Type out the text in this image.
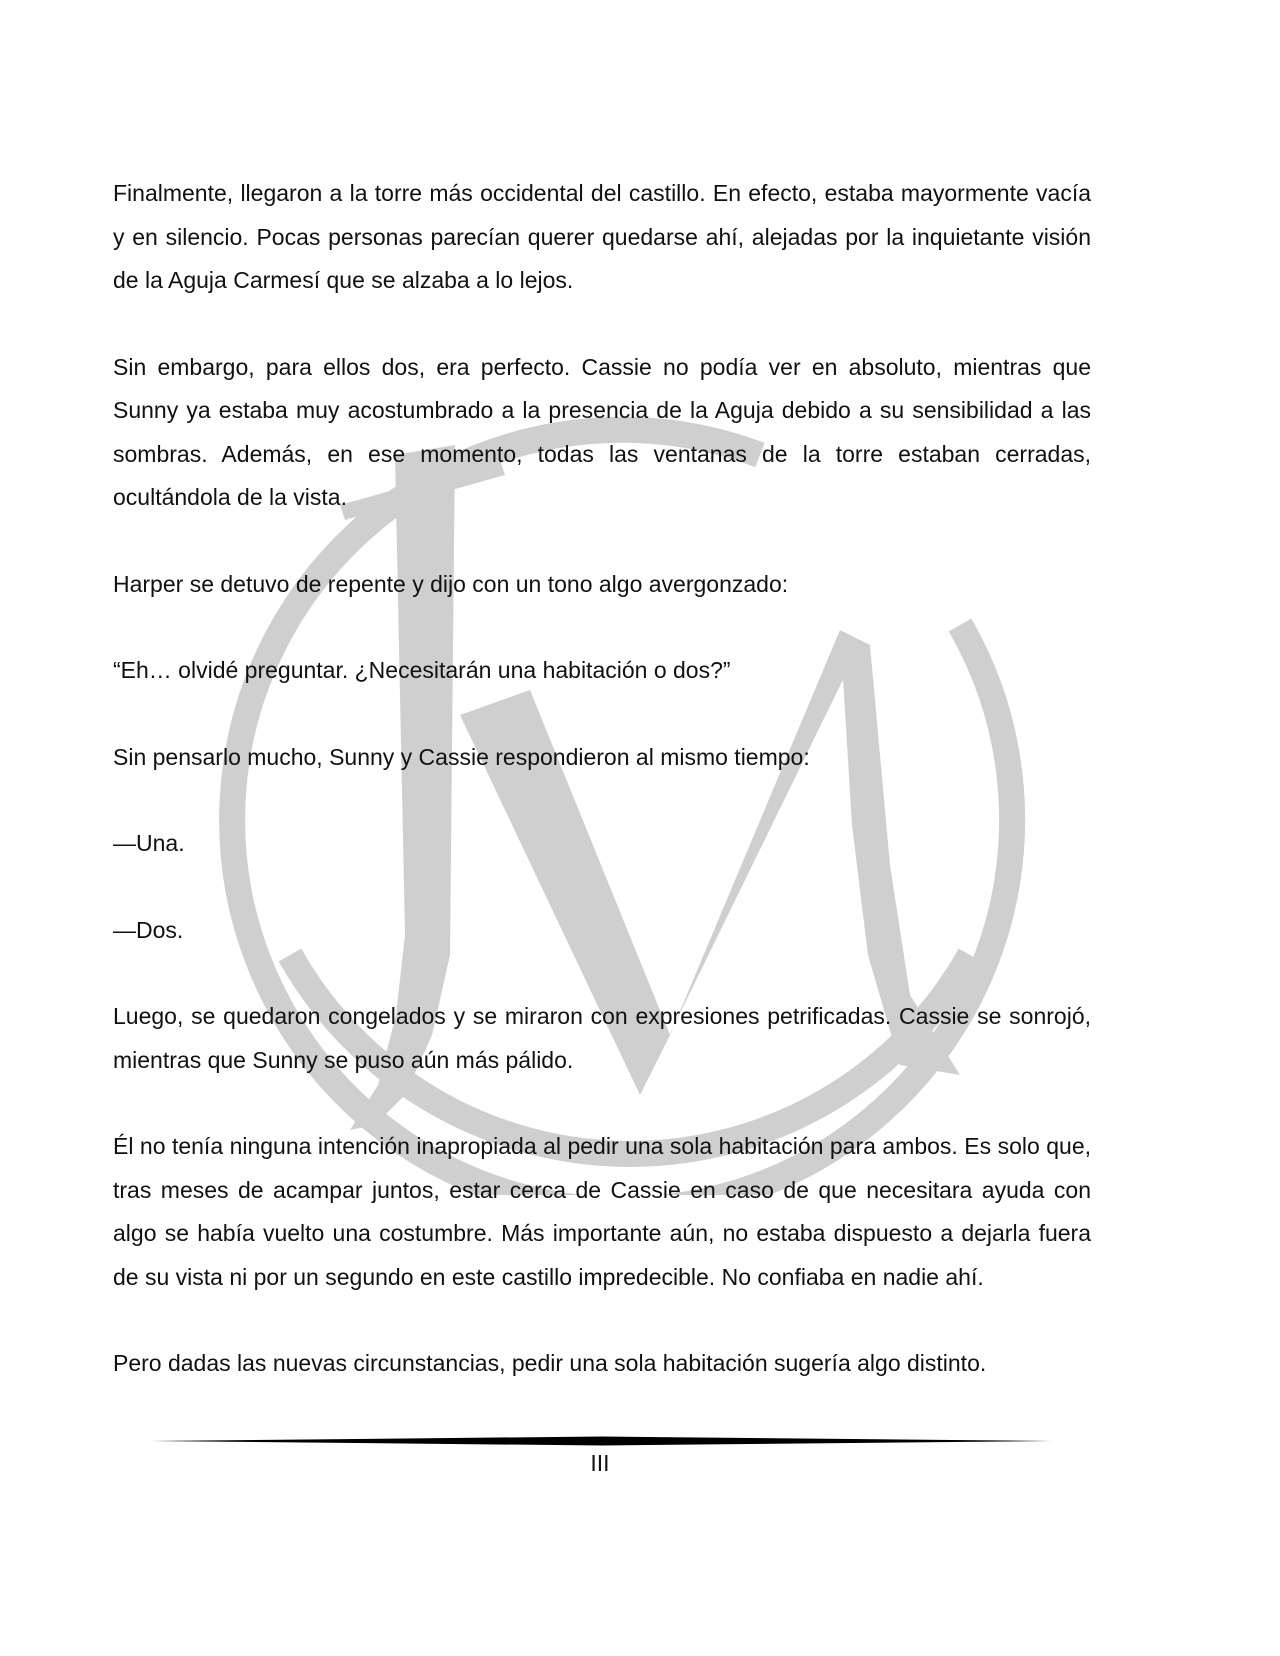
Finalmente, llegaron a la torre más occidental del castillo. En efecto, estaba mayormente vacía y en silencio. Pocas personas parecían querer quedarse ahí, alejadas por la inquietante visión de la Aguja Carmesí que se alzaba a lo lejos.

Sin embargo, para ellos dos, era perfecto. Cassie no podía ver en absoluto, mientras que Sunny ya estaba muy acostumbrado a la presencia de la Aguja debido a su sensibilidad a las sombras. Además, en ese momento, todas las ventanas de la torre estaban cerradas, ocultándola de la vista.

Harper se detuvo de repente y dijo con un tono algo avergonzado:

“Eh… olvidé preguntar. ¿Necesitarán una habitación o dos?”

Sin pensarlo mucho, Sunny y Cassie respondieron al mismo tiempo:

—Una.

—Dos.

Luego, se quedaron congelados y se miraron con expresiones petrificadas. Cassie se sonrojó, mientras que Sunny se puso aún más pálido.

Él no tenía ninguna intención inapropiada al pedir una sola habitación para ambos. Es solo que, tras meses de acampar juntos, estar cerca de Cassie en caso de que necesitara ayuda con algo se había vuelto una costumbre. Más importante aún, no estaba dispuesto a dejarla fuera de su vista ni por un segundo en este castillo impredecible. No confiaba en nadie ahí.

Pero dadas las nuevas circunstancias, pedir una sola habitación sugería algo distinto.

III
